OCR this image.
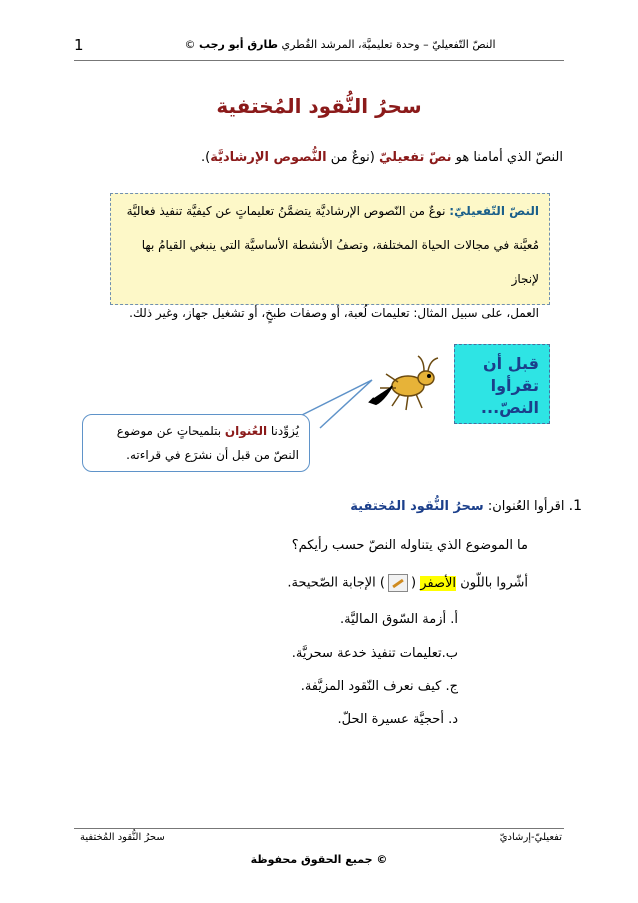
1	النصّ التّفعيليّ – وحدة تعليميَّة، المرشد القُطري طارق أبو رجب ©
سحرُ النُّقود المُختفية
النصّ الذي أمامنا هو نصّ تفعيليّ (نوعٌ من النُّصوص الإرشاديَّة).
النصّ التّفعيليّ: نوعٌ من النّصوص الإرشاديَّة يتضمَّنُ تعليماتٍ عن كيفيَّة تنفيذ فعاليَّة
مُعيَّنة في مجالات الحياة المختلفة، وتصفُ الأنشطة الأساسيَّة التي ينبغي القيامُ بها لإنجاز
العمل، على سبيل المثال: تعليمات لُعبة، أو وصفات طبخٍ، أو تشغيل جهاز، وغير ذلك.
قبل أن
تقرأوا
النصّ...
يُزوِّدنا العُنوان بتلميحاتٍ عن موضوع
النصّ من قبل أن نشرَع في قراءته.
1. اقرأوا العُنوان: سحرُ النُّقود المُختفية
ما الموضوع الذي يتناوله النصّ حسب رأيكم؟
أشّروا باللّون الأصفر () الإجابة الصّحيحة.
أ. أزمة السّوق الماليَّة.
ب.تعليمات تنفيذ خدعة سحريَّة.
ج. كيف نعرف النّقود المزيَّفة.
د. أحجيَّة عسيرة الحلّ.
سحرُ النُّقود المُختفية	تفعيليّ-إرشاديّ
© جميع الحقوق محفوظة
